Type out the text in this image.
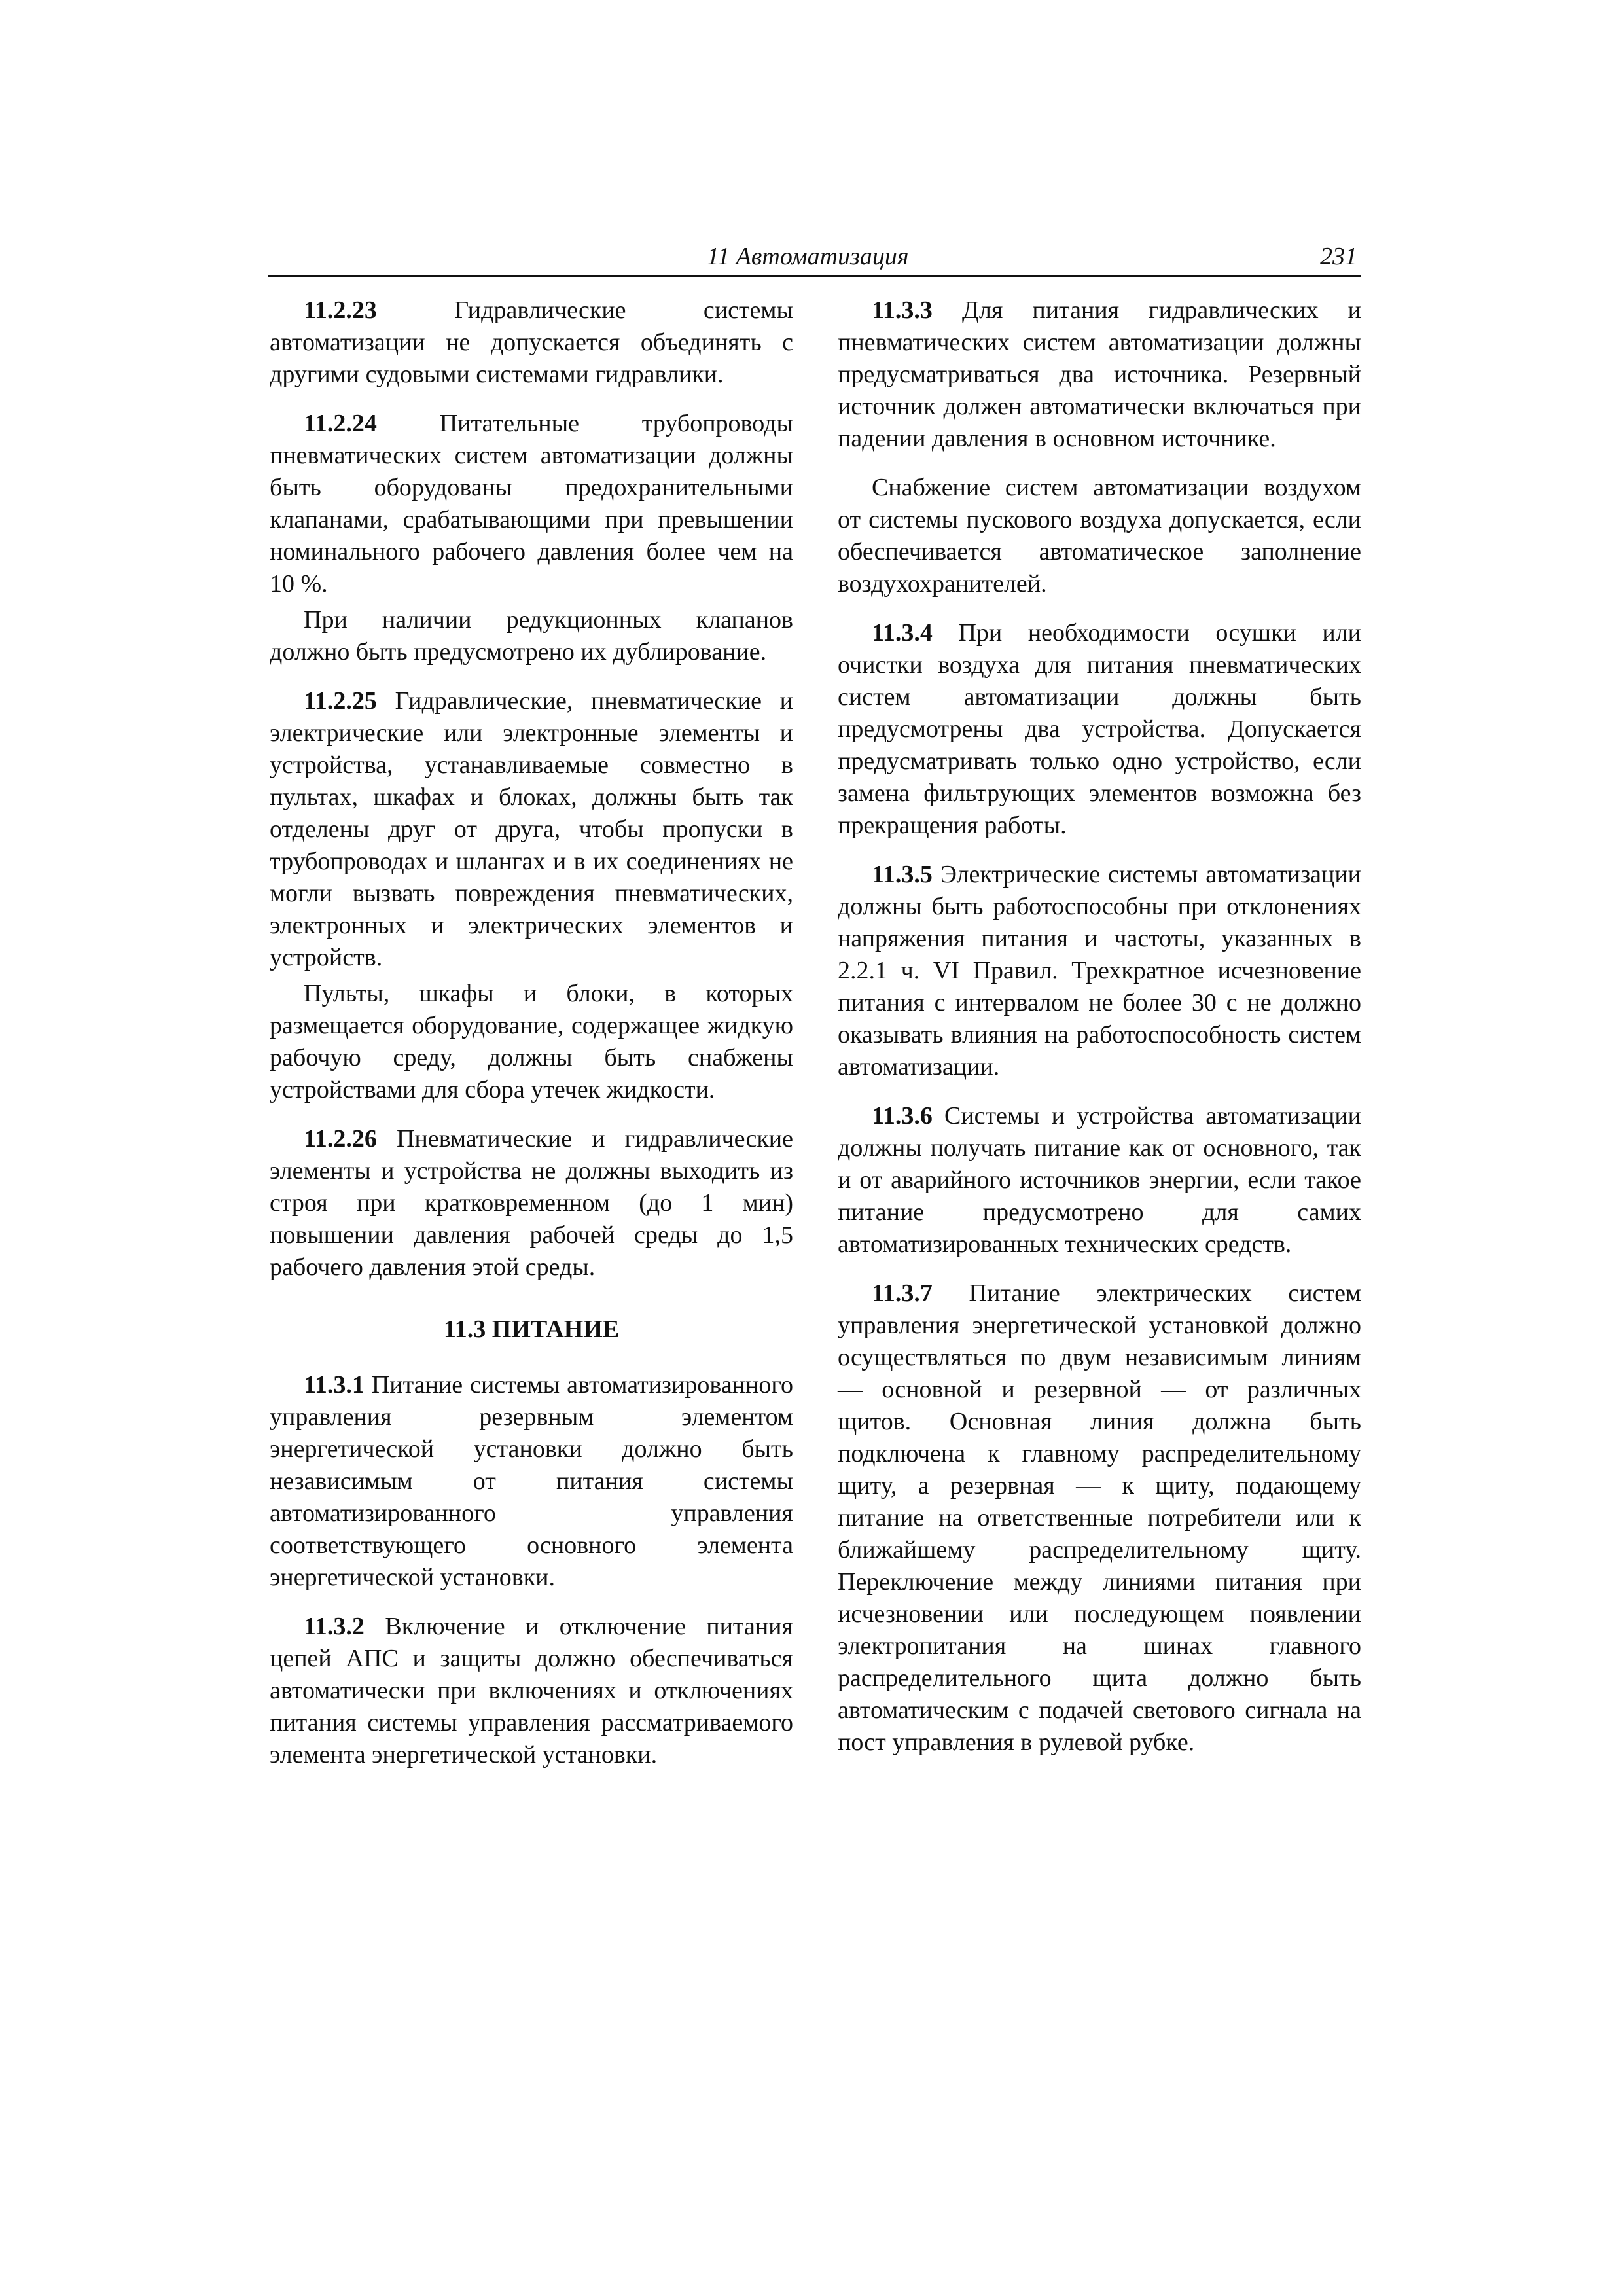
11 Автоматизация	231

11.2.23 Гидравлические системы автоматизации не допускается объединять с другими судовыми системами гидравлики.

11.2.24 Питательные трубопроводы пневматических систем автоматизации должны быть оборудованы предохранительными клапанами, срабатывающими при превышении номинального рабочего давления более чем на 10 %.

При наличии редукционных клапанов должно быть предусмотрено их дублирование.

11.2.25 Гидравлические, пневматические и электрические или электронные элементы и устройства, устанавливаемые совместно в пультах, шкафах и блоках, должны быть так отделены друг от друга, чтобы пропуски в трубопроводах и шлангах и в их соединениях не могли вызвать повреждения пневматических, электронных и электрических элементов и устройств.

Пульты, шкафы и блоки, в которых размещается оборудование, содержащее жидкую рабочую среду, должны быть снабжены устройствами для сбора утечек жидкости.

11.2.26 Пневматические и гидравлические элементы и устройства не должны выходить из строя при кратковременном (до 1 мин) повышении давления рабочей среды до 1,5 рабочего давления этой среды.

11.3 ПИТАНИЕ

11.3.1 Питание системы автоматизированного управления резервным элементом энергетической установки должно быть независимым от питания системы автоматизированного управления соответствующего основного элемента энергетической установки.

11.3.2 Включение и отключение питания цепей АПС и защиты должно обеспечиваться автоматически при включениях и отключениях питания системы управления рассматриваемого элемента энергетической установки.

11.3.3 Для питания гидравлических и пневматических систем автоматизации должны предусматриваться два источника. Резервный источник должен автоматически включаться при падении давления в основном источнике.

Снабжение систем автоматизации воздухом от системы пускового воздуха допускается, если обеспечивается автоматическое заполнение воздухохранителей.

11.3.4 При необходимости осушки или очистки воздуха для питания пневматических систем автоматизации должны быть предусмотрены два устройства. Допускается предусматривать только одно устройство, если замена фильтрующих элементов возможна без прекращения работы.

11.3.5 Электрические системы автоматизации должны быть работоспособны при отклонениях напряжения питания и частоты, указанных в 2.2.1 ч. VI Правил. Трехкратное исчезновение питания с интервалом не более 30 с не должно оказывать влияния на работоспособность систем автоматизации.

11.3.6 Системы и устройства автоматизации должны получать питание как от основного, так и от аварийного источников энергии, если такое питание предусмотрено для самих автоматизированных технических средств.

11.3.7 Питание электрических систем управления энергетической установкой должно осуществляться по двум независимым линиям — основной и резервной — от различных щитов. Основная линия должна быть подключена к главному распределительному щиту, а резервная — к щиту, подающему питание на ответственные потребители или к ближайшему распределительному щиту. Переключение между линиями питания при исчезновении или последующем появлении электропитания на шинах главного распределительного щита должно быть автоматическим с подачей светового сигнала на пост управления в рулевой рубке.
